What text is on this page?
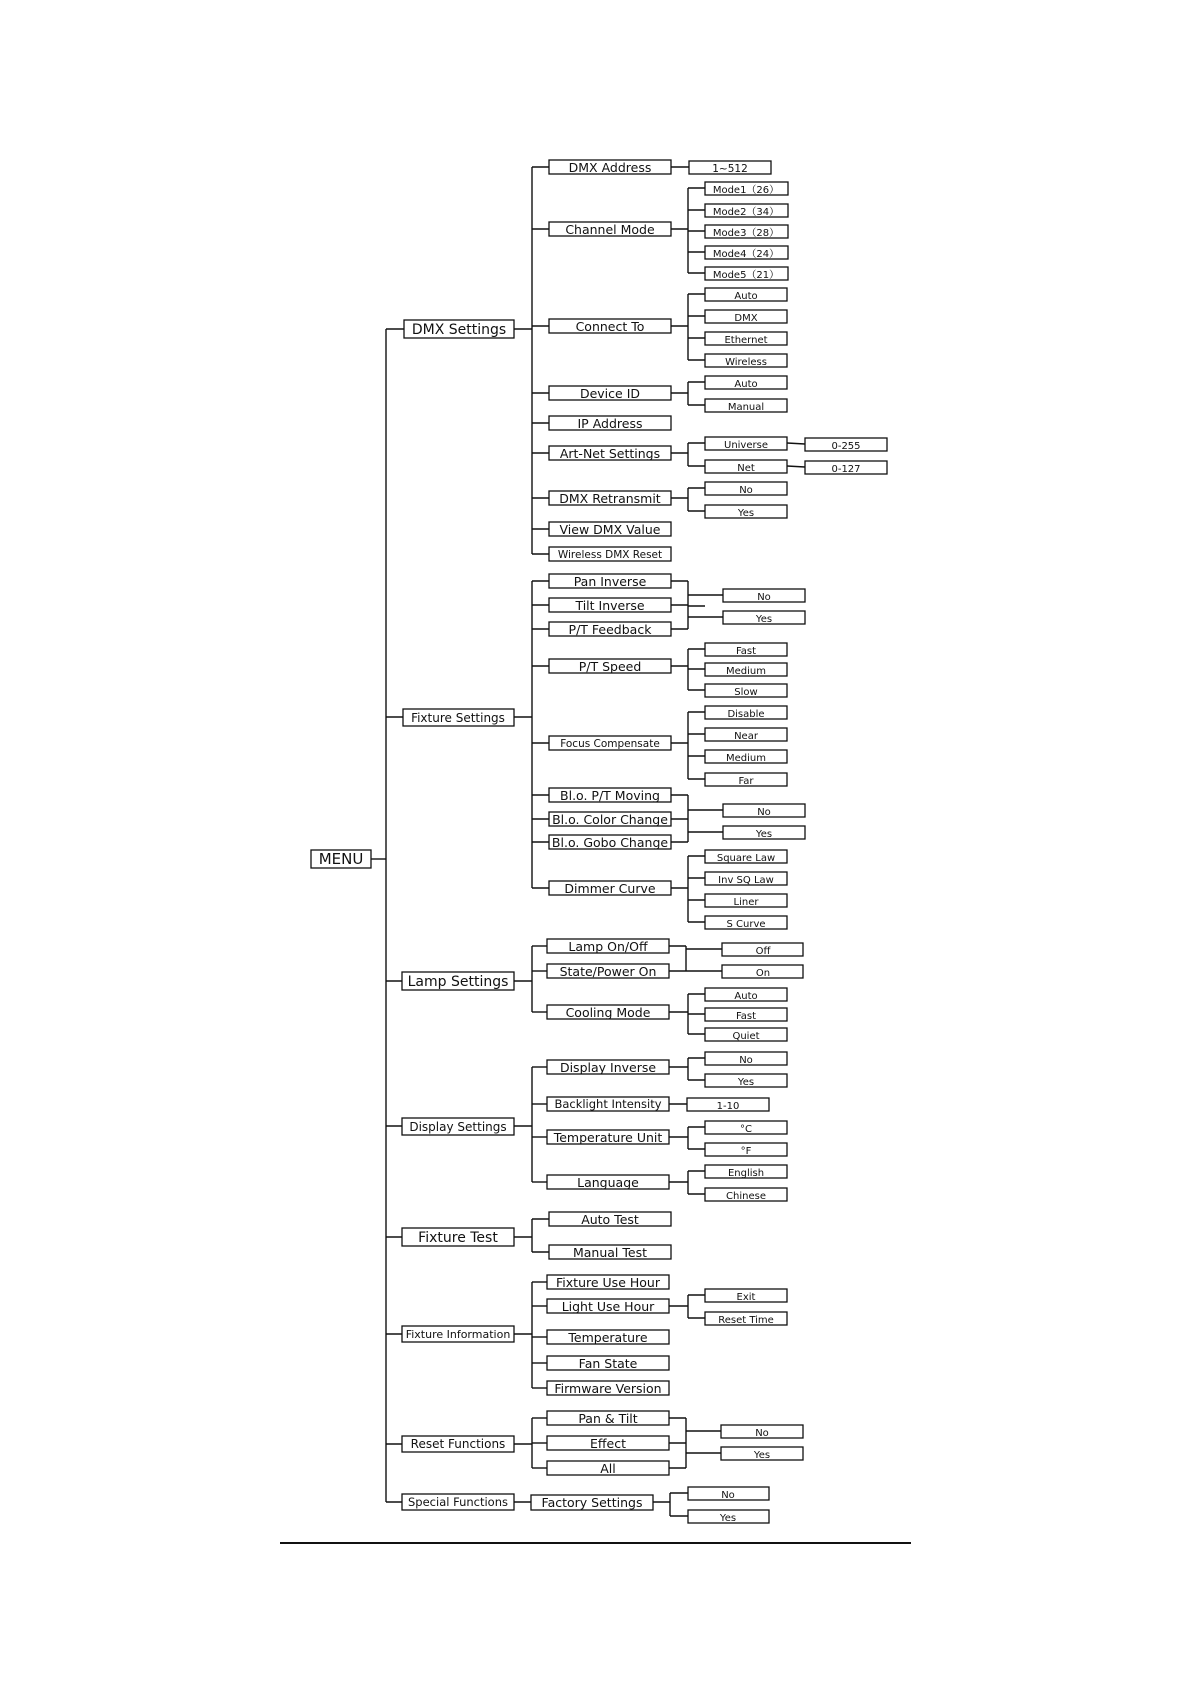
MENU
DMX Settings
DMX Address	1~512
Channel Mode
Mode1（26）
Mode2（34）
Mode3（28）
Mode4（24）
Mode5（21）
Connect To
Auto
DMX
Ethernet
Wireless
Device ID
Auto
Manual
IP Address
Art-Net Settings
Universe	0-255
Net	0-127
DMX Retransmit
No
Yes
View DMX Value
Wireless DMX Reset
Fixture Settings
Pan Inverse
Tilt Inverse
P/T Feedback
No
Yes
P/T Speed
Fast
Medium
Slow
Focus Compensate
Disable
Near
Medium
Far
Bl.o. P/T Moving
Bl.o. Color Change
Bl.o. Gobo Change
No
Yes
Dimmer Curve
Square Law
Inv SQ Law
Liner
S Curve
Lamp Settings
Lamp On/Off
State/Power On
Off
On
Cooling Mode
Auto
Fast
Quiet
Display Settings
Display Inverse	No
Yes
Backlight Intensity	1-10
Temperature Unit
°C
°F
Language
English
Chinese
Fixture Test
Auto Test
Manual Test
Fixture Information
Fixture Use Hour
Light Use Hour
Exit
Reset Time
Temperature
Fan State
Firmware Version
Reset Functions
Pan & Tilt
Effect
All
No
Yes
Special Functions	Factory Settings	No
Yes
